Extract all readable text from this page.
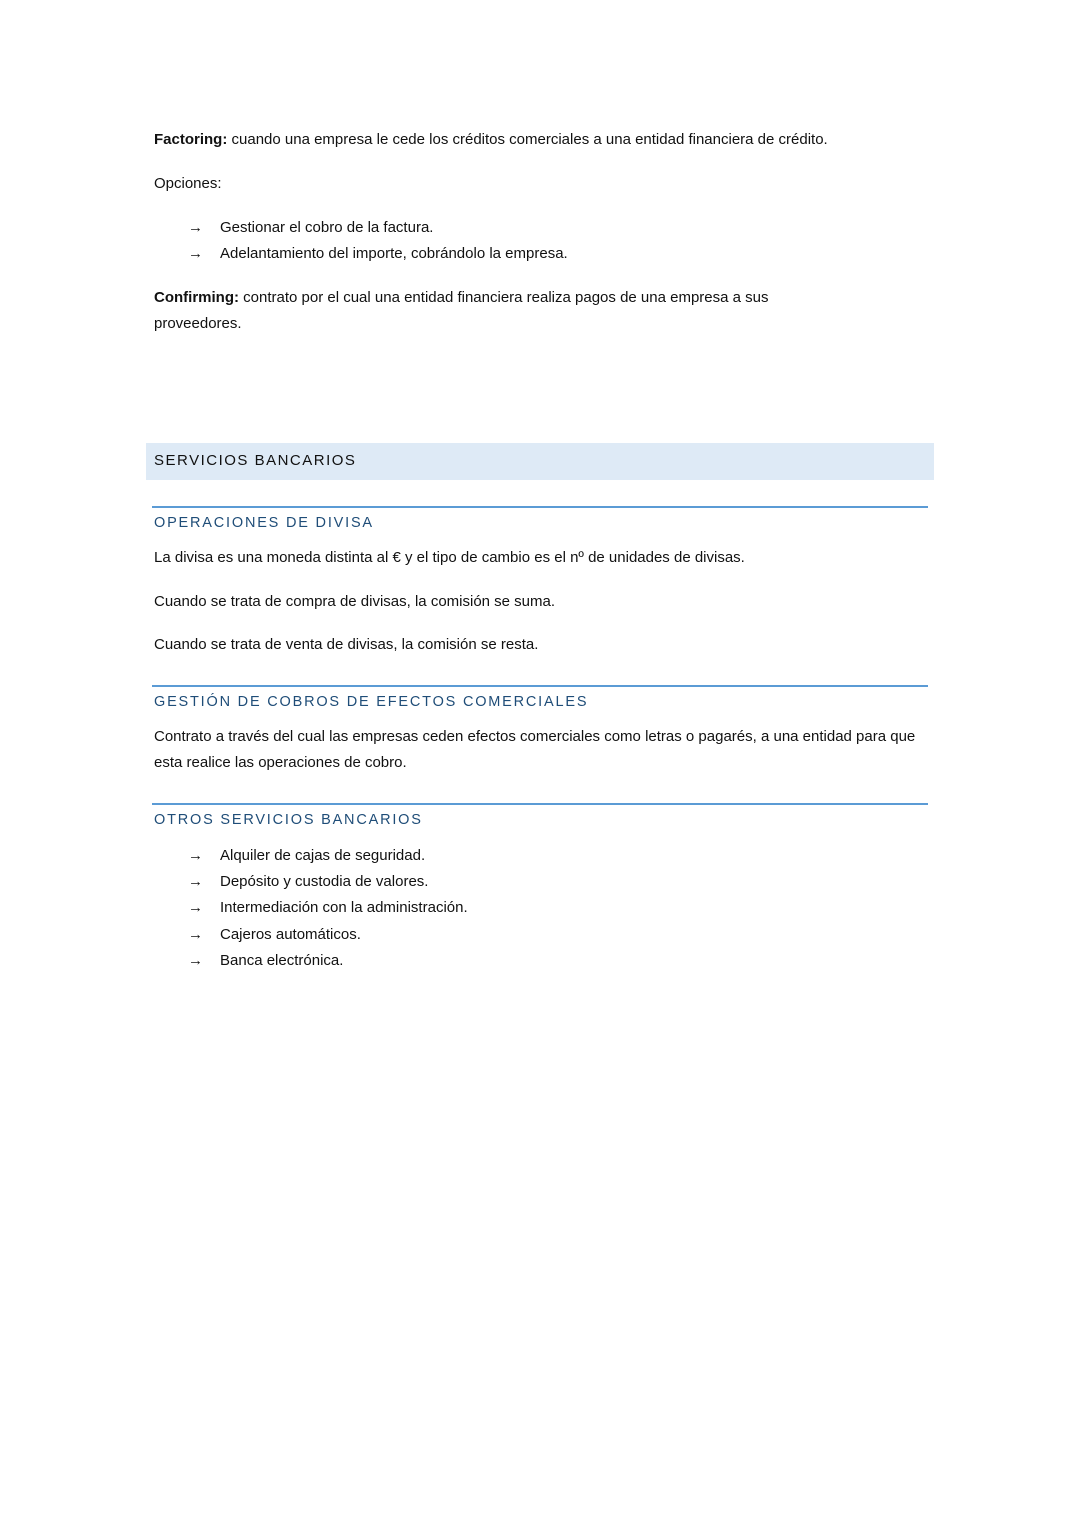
Factoring: cuando una empresa le cede los créditos comerciales a una entidad financiera de crédito.
Opciones:
→ Gestionar el cobro de la factura.
→ Adelantamiento del importe, cobrándolo la empresa.
Confirming: contrato por el cual una entidad financiera realiza pagos de una empresa a sus proveedores.
SERVICIOS BANCARIOS
OPERACIONES DE DIVISA
La divisa es una moneda distinta al € y el tipo de cambio es el nº de unidades de divisas.
Cuando se trata de compra de divisas, la comisión se suma.
Cuando se trata de venta de divisas, la comisión se resta.
GESTIÓN DE COBROS DE EFECTOS COMERCIALES
Contrato a través del cual las empresas ceden efectos comerciales como letras o pagarés, a una entidad para que esta realice las operaciones de cobro.
OTROS SERVICIOS BANCARIOS
→ Alquiler de cajas de seguridad.
→ Depósito y custodia de valores.
→ Intermediación con la administración.
→ Cajeros automáticos.
→ Banca electrónica.
